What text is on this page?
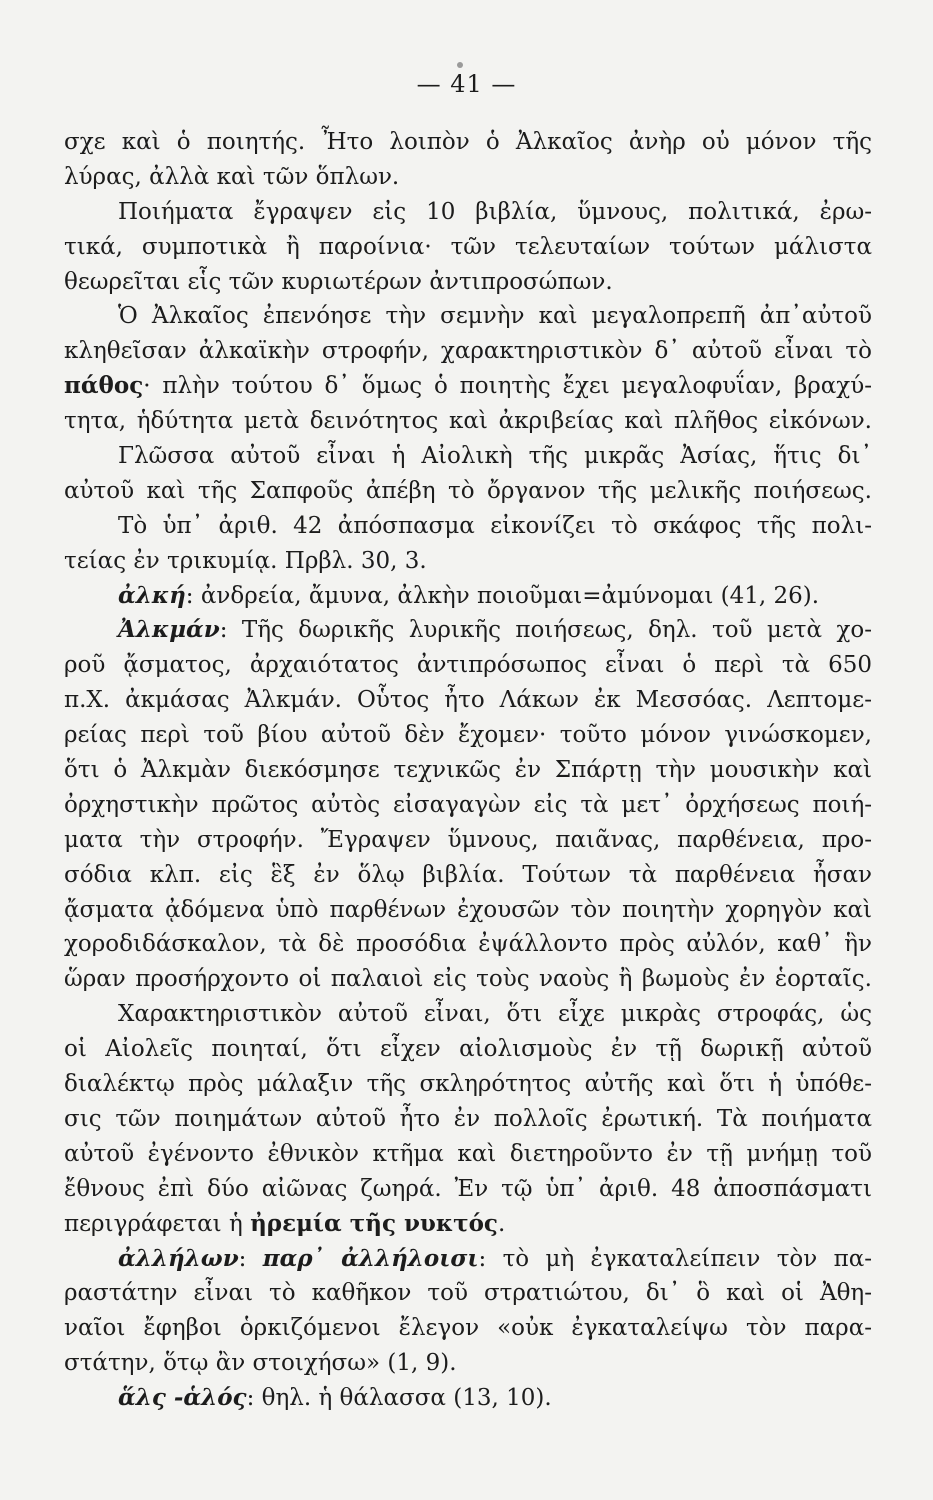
— 41 —
σχε καὶ ὁ ποιητής. Ἦτο λοιπὸν ὁ Ἀλκαῖος ἀνὴρ οὐ μόνον τῆς
λύρας, ἀλλὰ καὶ τῶν ὅπλων.
Ποιήματα ἔγραψεν εἰς 10 βιβλία, ὕμνους, πολιτικά, ἐρω-
τικά, συμποτικὰ ἢ παροίνια· τῶν τελευταίων τούτων μάλιστα
θεωρεῖται εἷς τῶν κυριωτέρων ἀντιπροσώπων.
Ὁ Ἀλκαῖος ἐπενόησε τὴν σεμνὴν καὶ μεγαλοπρεπῆ ἀπ᾽αὐτοῦ
κληθεῖσαν ἀλκαϊκὴν στροφήν, χαρακτηριστικὸν δ᾽ αὐτοῦ εἶναι τὸ
πάθος· πλὴν τούτου δ᾽ ὅμως ὁ ποιητὴς ἔχει μεγαλοφυΐαν, βραχύ-
τητα, ἡδύτητα μετὰ δεινότητος καὶ ἀκριβείας καὶ πλῆθος εἰκόνων.
Γλῶσσα αὐτοῦ εἶναι ἡ Αἰολικὴ τῆς μικρᾶς Ἀσίας, ἥτις δι᾽
αὐτοῦ καὶ τῆς Σαπφοῦς ἀπέβη τὸ ὄργανον τῆς μελικῆς ποιήσεως.
Τὸ ὑπ᾽ ἀριθ. 42 ἀπόσπασμα εἰκονίζει τὸ σκάφος τῆς πολι-
τείας ἐν τρικυμίᾳ. Πρβλ. 30, 3.
ἀλκή: ἀνδρεία, ἄμυνα, ἀλκὴν ποιοῦμαι=ἀμύνομαι (41, 26).
Ἀλκμάν: Τῆς δωρικῆς λυρικῆς ποιήσεως, δηλ. τοῦ μετὰ χο-
ροῦ ᾄσματος, ἀρχαιότατος ἀντιπρόσωπος εἶναι ὁ περὶ τὰ 650
π.Χ. ἀκμάσας Ἀλκμάν. Οὗτος ἦτο Λάκων ἐκ Μεσσόας. Λεπτομε-
ρείας περὶ τοῦ βίου αὐτοῦ δὲν ἔχομεν· τοῦτο μόνον γινώσκομεν,
ὅτι ὁ Ἀλκμὰν διεκόσμησε τεχνικῶς ἐν Σπάρτῃ τὴν μουσικὴν καὶ
ὀρχηστικὴν πρῶτος αὐτὸς εἰσαγαγὼν εἰς τὰ μετ᾽ ὀρχήσεως ποιή-
ματα τὴν στροφήν. Ἔγραψεν ὕμνους, παιᾶνας, παρθένεια, προ-
σόδια κλπ. εἰς ἓξ ἐν ὅλῳ βιβλία. Τούτων τὰ παρθένεια ἦσαν
ᾄσματα ᾀδόμενα ὑπὸ παρθένων ἐχουσῶν τὸν ποιητὴν χορηγὸν καὶ
χοροδιδάσκαλον, τὰ δὲ προσόδια ἐψάλλοντο πρὸς αὐλόν, καθ᾽ ἣν
ὥραν προσήρχοντο οἱ παλαιοὶ εἰς τοὺς ναοὺς ἢ βωμοὺς ἐν ἑορταῖς.
Χαρακτηριστικὸν αὐτοῦ εἶναι, ὅτι εἶχε μικρὰς στροφάς, ὡς
οἱ Αἰολεῖς ποιηταί, ὅτι εἶχεν αἰολισμοὺς ἐν τῇ δωρικῇ αὐτοῦ
διαλέκτῳ πρὸς μάλαξιν τῆς σκληρότητος αὐτῆς καὶ ὅτι ἡ ὑπόθε-
σις τῶν ποιημάτων αὐτοῦ ἦτο ἐν πολλοῖς ἐρωτική. Τὰ ποιήματα
αὐτοῦ ἐγένοντο ἐθνικὸν κτῆμα καὶ διετηροῦντο ἐν τῇ μνήμῃ τοῦ
ἔθνους ἐπὶ δύο αἰῶνας ζωηρά. Ἐν τῷ ὑπ᾽ ἀριθ. 48 ἀποσπάσματι
περιγράφεται ἡ ἠρεμία τῆς νυκτός.
ἀλλήλων: παρ᾽ ἀλλήλοισι: τὸ μὴ ἐγκαταλείπειν τὸν πα-
ραστάτην εἶναι τὸ καθῆκον τοῦ στρατιώτου, δι᾽ ὃ καὶ οἱ Ἀθη-
ναῖοι ἔφηβοι ὁρκιζόμενοι ἔλεγον «οὐκ ἐγκαταλείψω τὸν παρα-
στάτην, ὅτῳ ἂν στοιχήσω» (1, 9).
ἅλς -ἁλός: θηλ. ἡ θάλασσα (13, 10).
